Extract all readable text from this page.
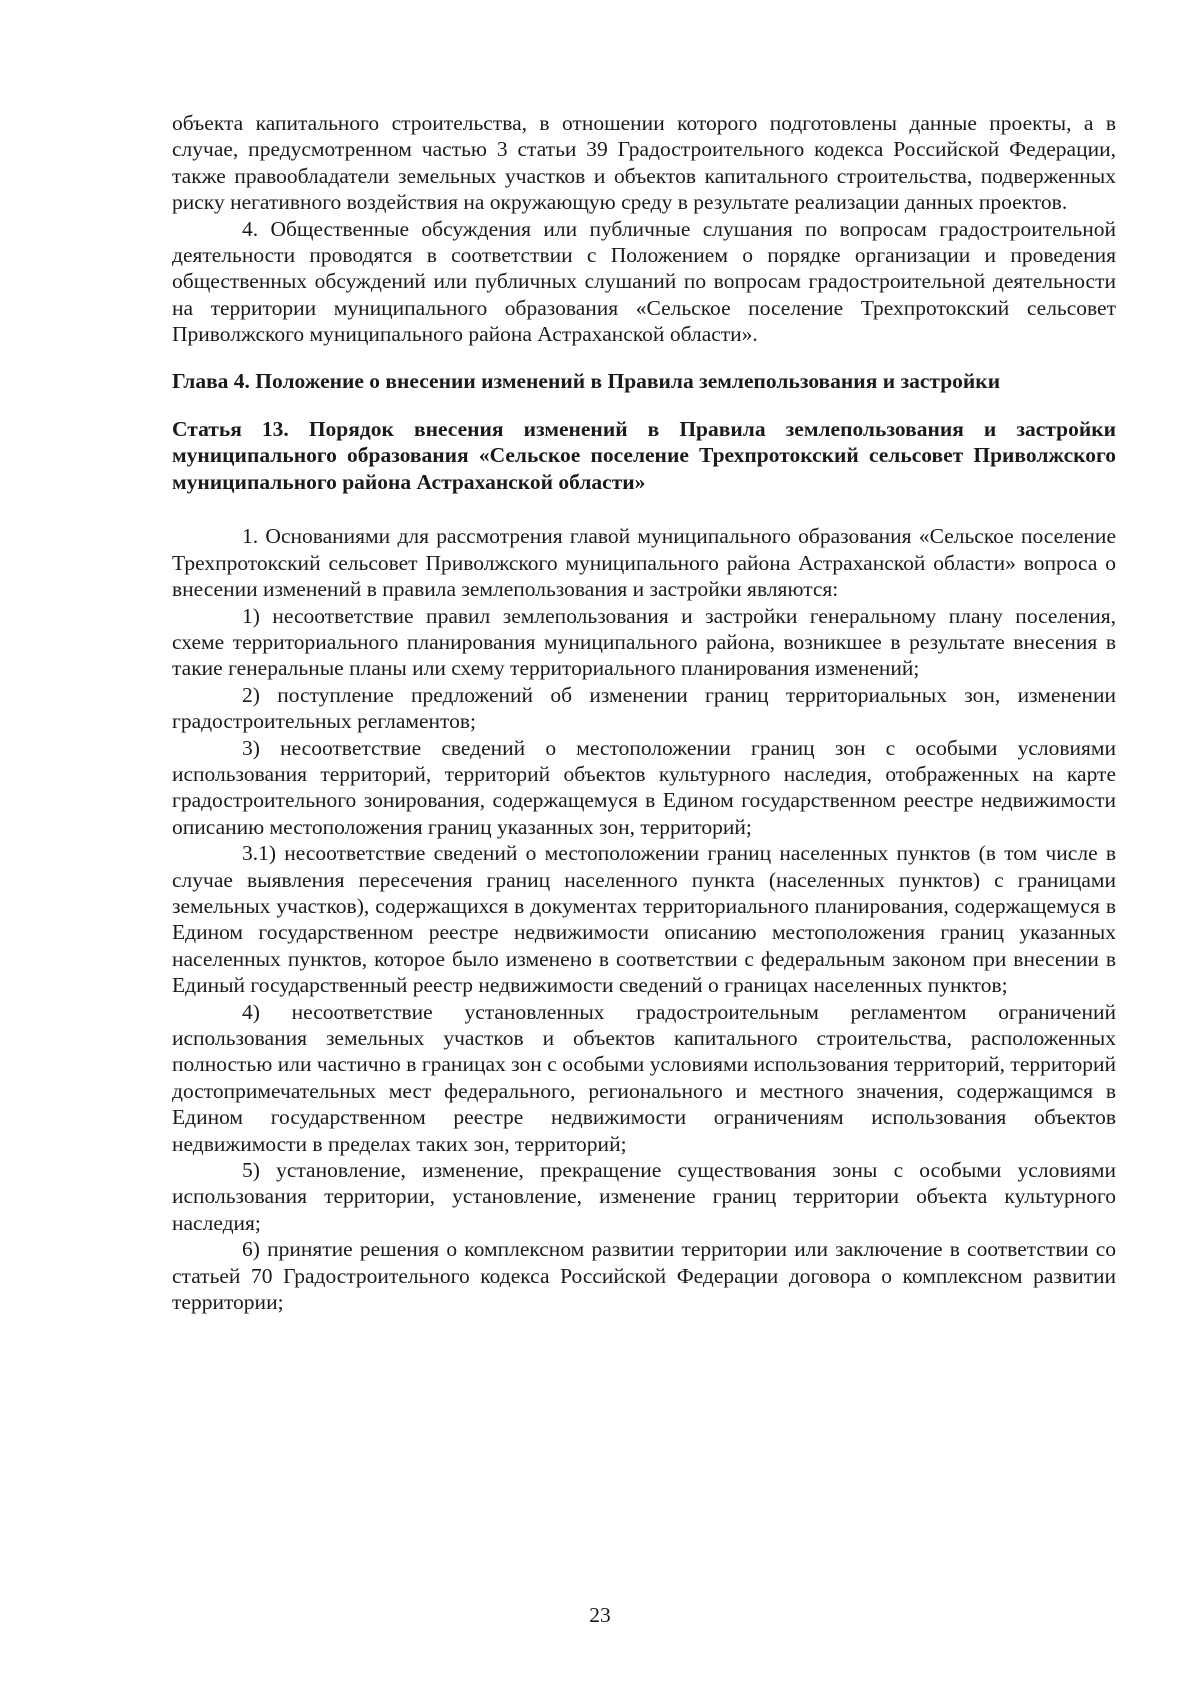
объекта капитального строительства, в отношении которого подготовлены данные проекты, а в случае, предусмотренном частью 3 статьи 39 Градостроительного кодекса Российской Федерации, также правообладатели земельных участков и объектов капитального строительства, подверженных риску негативного воздействия на окружающую среду в результате реализации данных проектов.

4. Общественные обсуждения или публичные слушания по вопросам градостроительной деятельности проводятся в соответствии с Положением о порядке организации и проведения общественных обсуждений или публичных слушаний по вопросам градостроительной деятельности на территории муниципального образования «Сельское поселение Трехпротокский сельсовет Приволжского муниципального района Астраханской области».

Глава 4. Положение о внесении изменений в Правила землепользования и застройки
Статья 13. Порядок внесения изменений в Правила землепользования и застройки муниципального образования «Сельское поселение Трехпротокский сельсовет Приволжского муниципального района Астраханской области»

1. Основаниями для рассмотрения главой муниципального образования «Сельское поселение Трехпротокский сельсовет Приволжского муниципального района Астраханской области» вопроса о внесении изменений в правила землепользования и застройки являются:

1) несоответствие правил землепользования и застройки генеральному плану поселения, схеме территориального планирования муниципального района, возникшее в результате внесения в такие генеральные планы или схему территориального планирования изменений;

2) поступление предложений об изменении границ территориальных зон, изменении градостроительных регламентов;

3) несоответствие сведений о местоположении границ зон с особыми условиями использования территорий, территорий объектов культурного наследия, отображенных на карте градостроительного зонирования, содержащемуся в Едином государственном реестре недвижимости описанию местоположения границ указанных зон, территорий;

3.1) несоответствие сведений о местоположении границ населенных пунктов (в том числе в случае выявления пересечения границ населенного пункта (населенных пунктов) с границами земельных участков), содержащихся в документах территориального планирования, содержащемуся в Едином государственном реестре недвижимости описанию местоположения границ указанных населенных пунктов, которое было изменено в соответствии с федеральным законом при внесении в Единый государственный реестр недвижимости сведений о границах населенных пунктов;

4) несоответствие установленных градостроительным регламентом ограничений использования земельных участков и объектов капитального строительства, расположенных полностью или частично в границах зон с особыми условиями использования территорий, территорий достопримечательных мест федерального, регионального и местного значения, содержащимся в Едином государственном реестре недвижимости ограничениям использования объектов недвижимости в пределах таких зон, территорий;

5) установление, изменение, прекращение существования зоны с особыми условиями использования территории, установление, изменение границ территории объекта культурного наследия;

6) принятие решения о комплексном развитии территории или заключение в соответствии со статьей 70 Градостроительного кодекса Российской Федерации договора о комплексном развитии территории;

23
